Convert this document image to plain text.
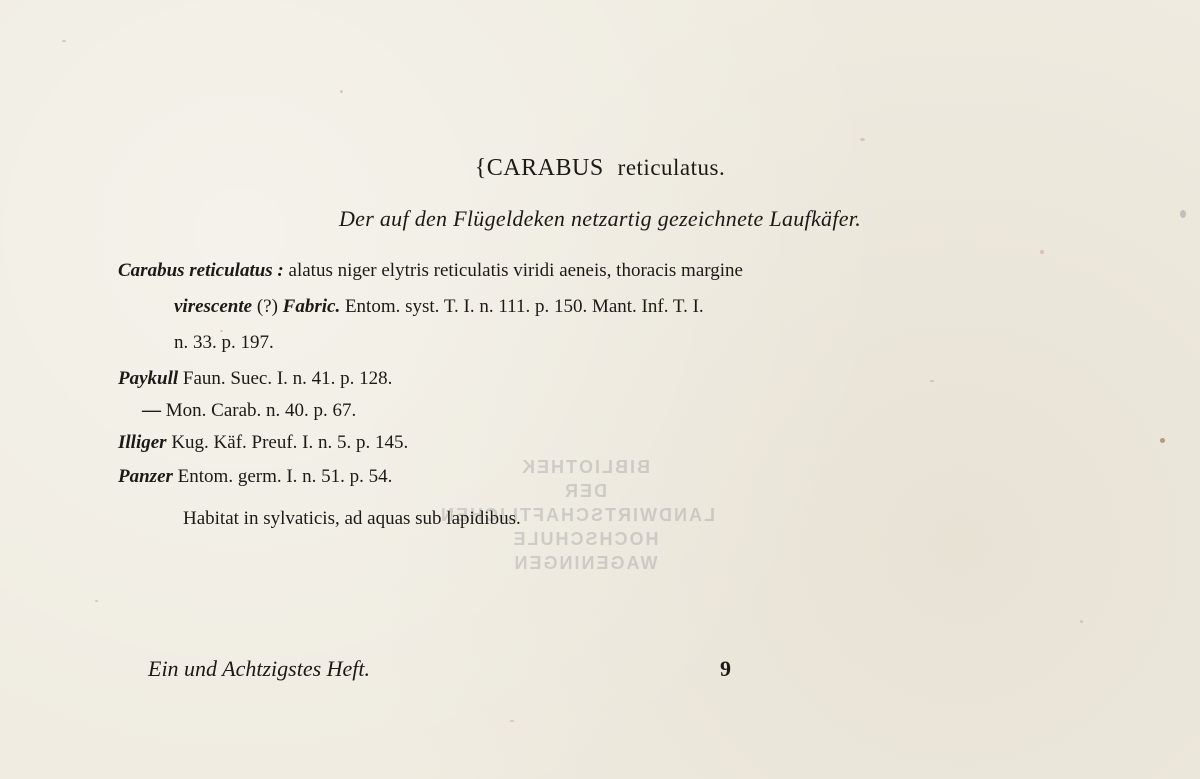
BIBLIOTHEK
DER
LANDWIRTSCHAFTLICHEN
HOCHSCHULE
WAGENINGEN
{CARABUS reticulatus.
Der auf den Flügeldeken netzartig gezeichnete Laufkäfer.
Carabus reticulatus : alatus niger elytris reticulatis viridi aeneis, thoracis margine
virescente (?) Fabric. Entom. syst. T. I. n. 111. p. 150. Mant. Inf. T. I.
n. 33. p. 197.
Paykull Faun. Suec. I. n. 41. p. 128.
— Mon. Carab. n. 40. p. 67.
Illiger Kug. Käf. Preuf. I. n. 5. p. 145.
Panzer Entom. germ. I. n. 51. p. 54.
Habitat in sylvaticis, ad aquas sub lapidibus.
Ein und Achtzigstes Heft.	9
